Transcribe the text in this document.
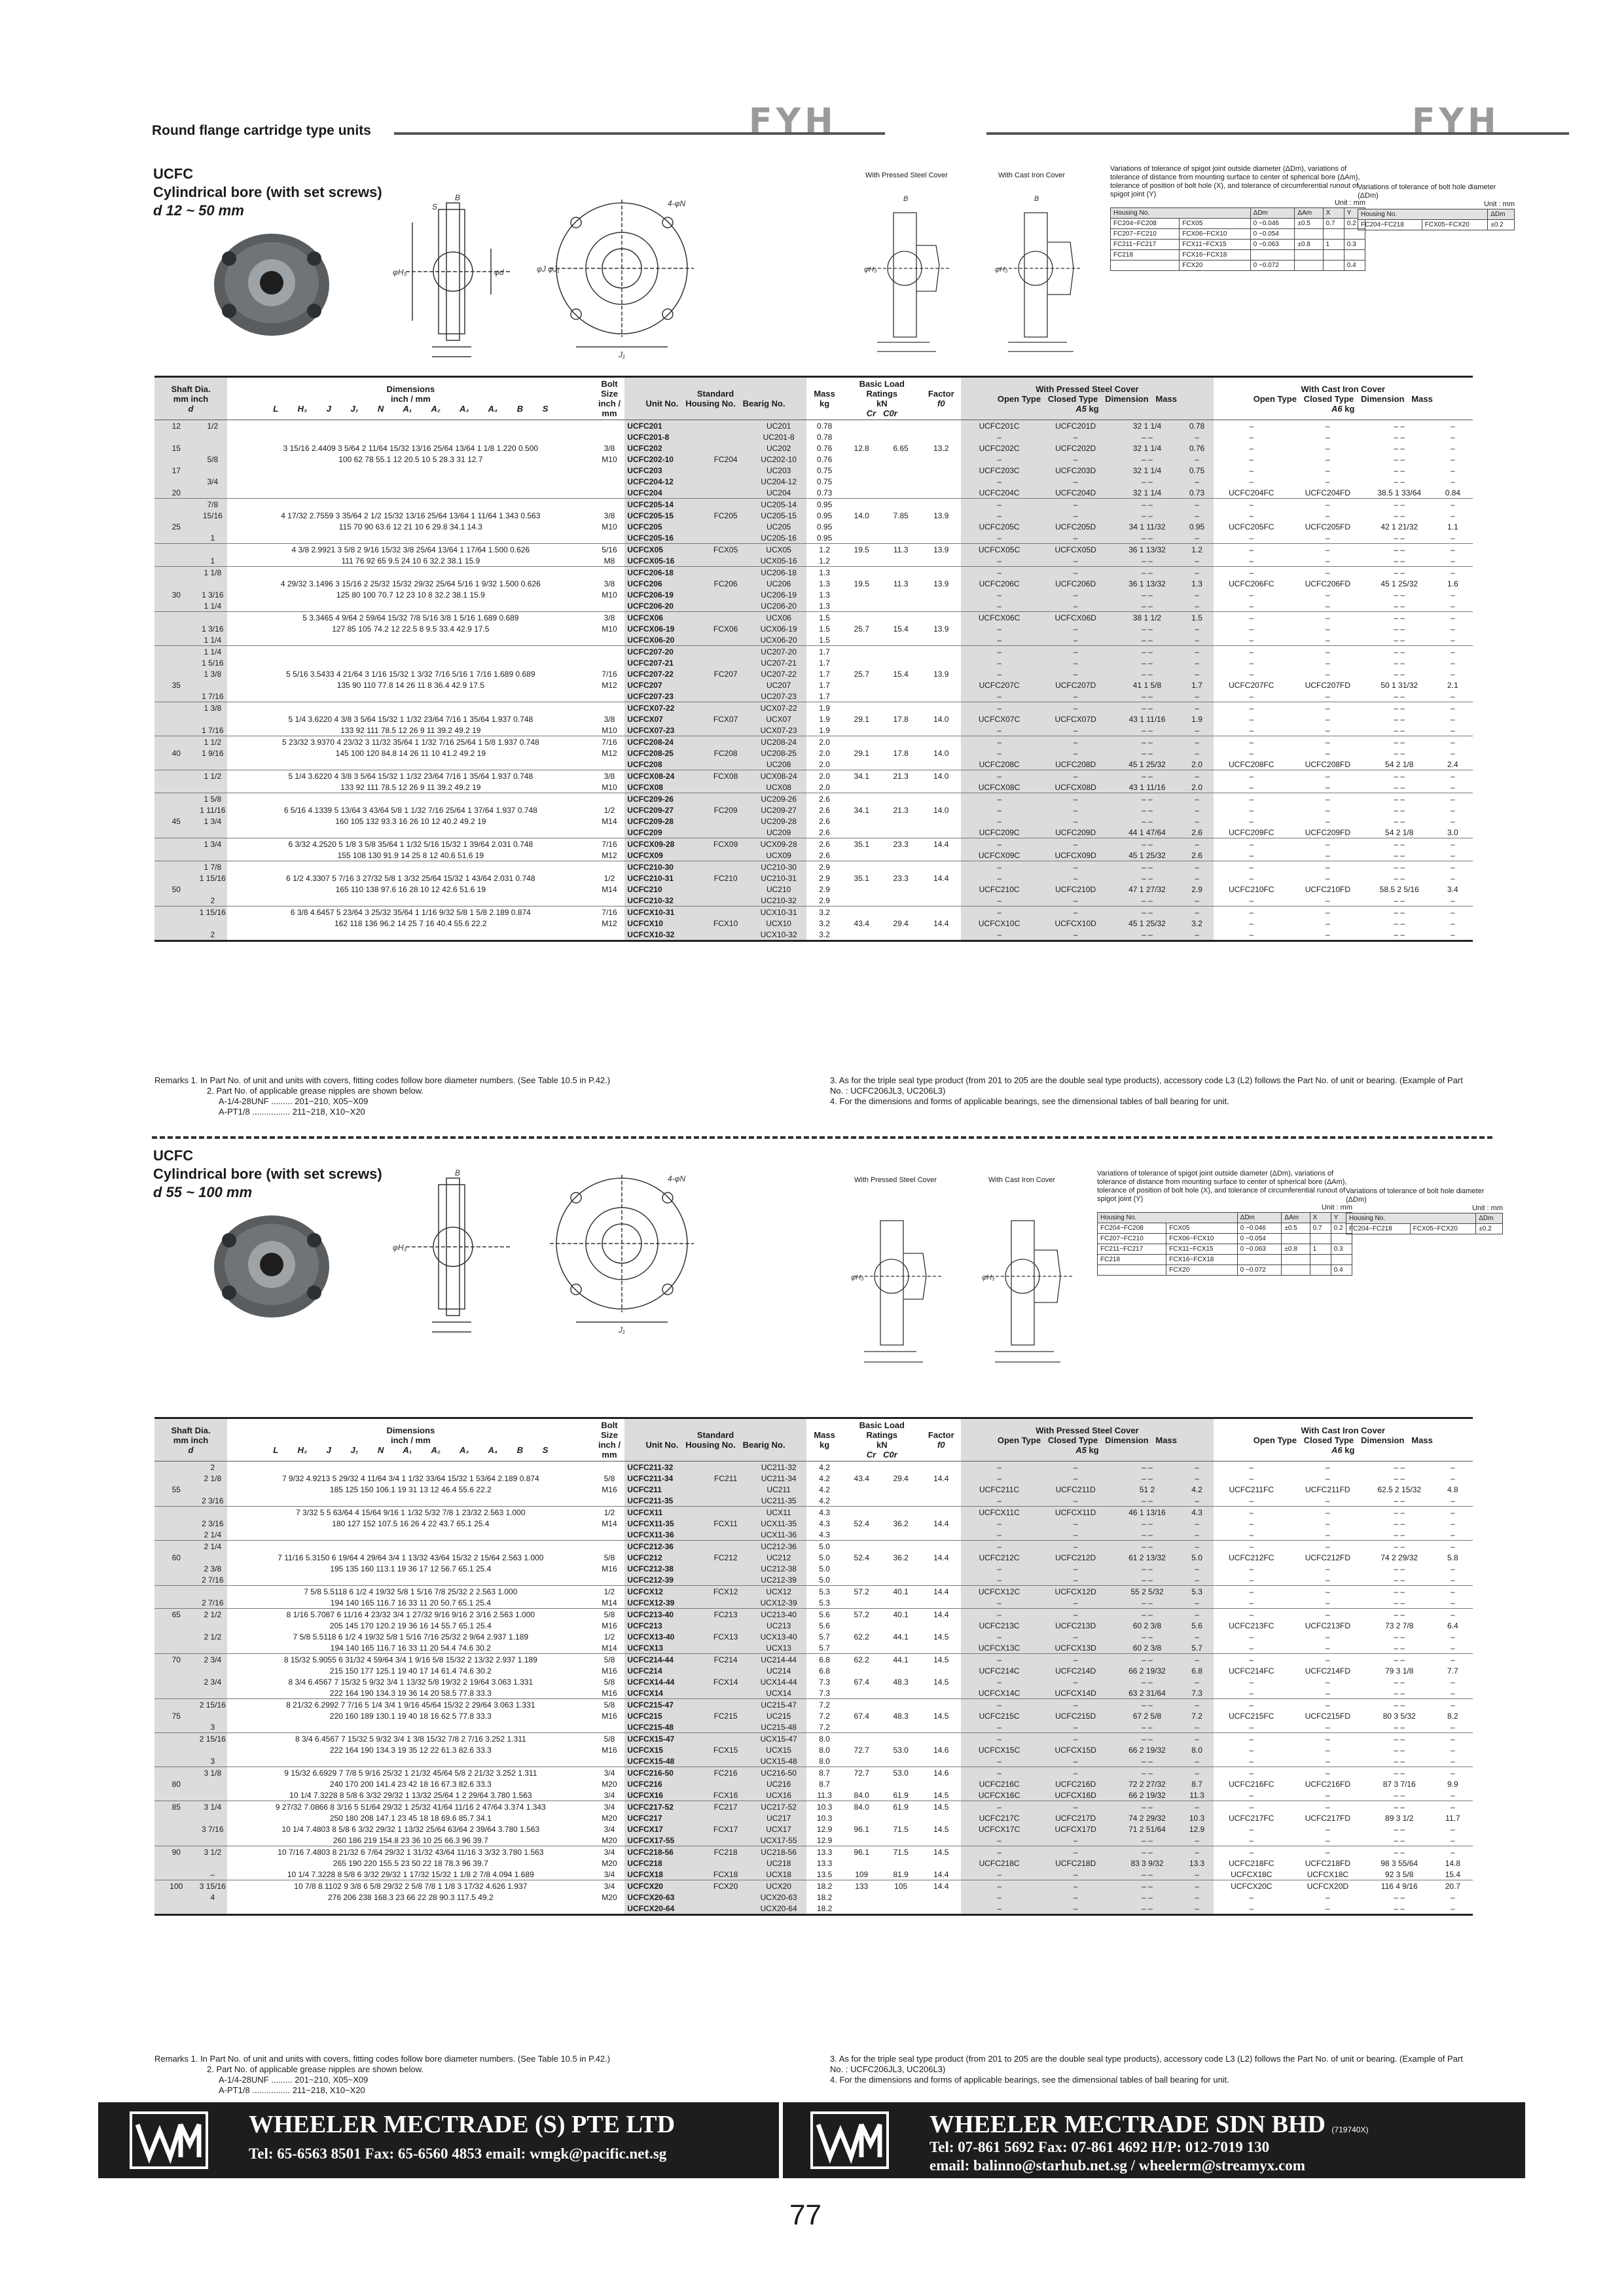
Round flange cartridge type units	FYH	FYH
UCFC
Cylindrical bore (with set screws)
d 12 ~ 50 mm
B
S
φH₃	φd
4-φN
φJ φJ₁
J₁
With Pressed Steel Cover	With Cast Iron Cover
B
φH₃
B
φH₃
Variations of tolerance of spigot joint outside diameter (ΔDm), variations of tolerance of distance from mounting surface to center of spherical bore (ΔAm), tolerance of position of bolt hole (X), and tolerance of circumferential runout of spigot joint (Y)
Unit : mm
Housing No.		ΔDm	ΔAm	X	Y
FC204~FC208	FCX05	0 −0.046	±0.5	0.7	0.2
FC207~FC210	FCX06~FCX10	0 −0.054			
FC211~FC217	FCX11~FCX15	0 −0.063	±0.8	1	0.3
FC218	FCX16~FCX18				
	FCX20	0 −0.072			0.4
Variations of tolerance of bolt hole diameter (ΔDm)
Unit : mm
Housing No.		ΔDm
FC204~FC218	FCX05~FCX20	±0.2
Shaft Dia.
mm inch
d		Dimensions
inch / mm
L H₃ J J₁ N A₁ A₂ A₃ A₄ B S	Bolt Size
inch / mm	Standard
Unit No. Housing No. Bearig No.			Mass
kg	Basic Load Ratings
kN
Cr C0r		Factor
f0	With Pressed Steel Cover
Open Type Closed Type Dimension Mass
A5 kg				With Cast Iron Cover
Open Type Closed Type Dimension Mass
A6 kg			
12	1/2			UCFC201		UC201	0.78				UCFC201C	UCFC201D	32 1 1/4	0.78	–	–	– –	–
				UCFC201-8		UC201-8	0.78				–	–	– –	–	–	–	– –	–
15		3 15/16 2.4409 3 5/64 2 11/64 15/32 13/16 25/64 13/64 1 1/8 1.220 0.500	3/8	UCFC202		UC202	0.76	12.8	6.65	13.2	UCFC202C	UCFC202D	32 1 1/4	0.76	–	–	– –	–
	5/8	100 62 78 55.1 12 20.5 10 5 28.3 31 12.7	M10	UCFC202-10	FC204	UC202-10	0.76				–	–	– –	–	–	–	– –	–
17				UCFC203		UC203	0.75				UCFC203C	UCFC203D	32 1 1/4	0.75	–	–	– –	–
	3/4			UCFC204-12		UC204-12	0.75				–	–	– –	–	–	–	– –	–
20				UCFC204		UC204	0.73				UCFC204C	UCFC204D	32 1 1/4	0.73	UCFC204FC	UCFC204FD	38.5 1 33/64	0.84
	7/8			UCFC205-14		UC205-14	0.95				–	–	– –	–	–	–	– –	–
	15/16	4 17/32 2.7559 3 35/64 2 1/2 15/32 13/16 25/64 13/64 1 11/64 1.343 0.563	3/8	UCFC205-15	FC205	UC205-15	0.95	14.0	7.85	13.9	–	–	– –	–	–	–	– –	–
25		115 70 90 63.6 12 21 10 6 29.8 34.1 14.3	M10	UCFC205		UC205	0.95				UCFC205C	UCFC205D	34 1 11/32	0.95	UCFC205FC	UCFC205FD	42 1 21/32	1.1
	1			UCFC205-16		UC205-16	0.95				–	–	– –	–	–	–	– –	–
		4 3/8 2.9921 3 5/8 2 9/16 15/32 3/8 25/64 13/64 1 17/64 1.500 0.626	5/16	UCFCX05	FCX05	UCX05	1.2	19.5	11.3	13.9	UCFCX05C	UCFCX05D	36 1 13/32	1.2	–	–	– –	–
	1	111 76 92 65 9.5 24 10 6 32.2 38.1 15.9	M8	UCFCX05-16		UCX05-16	1.2				–	–	– –	–	–	–	– –	–
	1 1/8			UCFC206-18		UC206-18	1.3				–	–	– –	–	–	–	– –	–
		4 29/32 3.1496 3 15/16 2 25/32 15/32 29/32 25/64 5/16 1 9/32 1.500 0.626	3/8	UCFC206	FC206	UC206	1.3	19.5	11.3	13.9	UCFC206C	UCFC206D	36 1 13/32	1.3	UCFC206FC	UCFC206FD	45 1 25/32	1.6
30	1 3/16	125 80 100 70.7 12 23 10 8 32.2 38.1 15.9	M10	UCFC206-19		UC206-19	1.3				–	–	– –	–	–	–	– –	–
	1 1/4			UCFC206-20		UC206-20	1.3				–	–	– –	–	–	–	– –	–
		5 3.3465 4 9/64 2 59/64 15/32 7/8 5/16 3/8 1 5/16 1.689 0.689	3/8	UCFCX06		UCX06	1.5				UCFCX06C	UCFCX06D	38 1 1/2	1.5	–	–	– –	–
	1 3/16	127 85 105 74.2 12 22.5 8 9.5 33.4 42.9 17.5	M10	UCFCX06-19	FCX06	UCX06-19	1.5	25.7	15.4	13.9	–	–	– –	–	–	–	– –	–
	1 1/4			UCFCX06-20		UCX06-20	1.5				–	–	– –	–	–	–	– –	–
	1 1/4			UCFC207-20		UC207-20	1.7				–	–	– –	–	–	–	– –	–
	1 5/16			UCFC207-21		UC207-21	1.7				–	–	– –	–	–	–	– –	–
	1 3/8	5 5/16 3.5433 4 21/64 3 1/16 15/32 1 3/32 7/16 5/16 1 7/16 1.689 0.689	7/16	UCFC207-22	FC207	UC207-22	1.7	25.7	15.4	13.9	–	–	– –	–	–	–	– –	–
35		135 90 110 77.8 14 26 11 8 36.4 42.9 17.5	M12	UCFC207		UC207	1.7				UCFC207C	UCFC207D	41 1 5/8	1.7	UCFC207FC	UCFC207FD	50 1 31/32	2.1
	1 7/16			UCFC207-23		UC207-23	1.7				–	–	– –	–	–	–	– –	–
	1 3/8			UCFCX07-22		UCX07-22	1.9				–	–	– –	–	–	–	– –	–
		5 1/4 3.6220 4 3/8 3 5/64 15/32 1 1/32 23/64 7/16 1 35/64 1.937 0.748	3/8	UCFCX07	FCX07	UCX07	1.9	29.1	17.8	14.0	UCFCX07C	UCFCX07D	43 1 11/16	1.9	–	–	– –	–
	1 7/16	133 92 111 78.5 12 26 9 11 39.2 49.2 19	M10	UCFCX07-23		UCX07-23	1.9				–	–	– –	–	–	–	– –	–
	1 1/2	5 23/32 3.9370 4 23/32 3 11/32 35/64 1 1/32 7/16 25/64 1 5/8 1.937 0.748	7/16	UCFC208-24		UC208-24	2.0				–	–	– –	–	–	–	– –	–
40	1 9/16	145 100 120 84.8 14 26 11 10 41.2 49.2 19	M12	UCFC208-25	FC208	UC208-25	2.0	29.1	17.8	14.0	–	–	– –	–	–	–	– –	–
				UCFC208		UC208	2.0				UCFC208C	UCFC208D	45 1 25/32	2.0	UCFC208FC	UCFC208FD	54 2 1/8	2.4
	1 1/2	5 1/4 3.6220 4 3/8 3 5/64 15/32 1 1/32 23/64 7/16 1 35/64 1.937 0.748	3/8	UCFCX08-24	FCX08	UCX08-24	2.0	34.1	21.3	14.0	–	–	– –	–	–	–	– –	–
		133 92 111 78.5 12 26 9 11 39.2 49.2 19	M10	UCFCX08		UCX08	2.0				UCFCX08C	UCFCX08D	43 1 11/16	2.0	–	–	– –	–
	1 5/8			UCFC209-26		UC209-26	2.6				–	–	– –	–	–	–	– –	–
	1 11/16	6 5/16 4.1339 5 13/64 3 43/64 5/8 1 1/32 7/16 25/64 1 37/64 1.937 0.748	1/2	UCFC209-27	FC209	UC209-27	2.6	34.1	21.3	14.0	–	–	– –	–	–	–	– –	–
45	1 3/4	160 105 132 93.3 16 26 10 12 40.2 49.2 19	M14	UCFC209-28		UC209-28	2.6				–	–	– –	–	–	–	– –	–
				UCFC209		UC209	2.6				UCFC209C	UCFC209D	44 1 47/64	2.6	UCFC209FC	UCFC209FD	54 2 1/8	3.0
	1 3/4	6 3/32 4.2520 5 1/8 3 5/8 35/64 1 1/32 5/16 15/32 1 39/64 2.031 0.748	7/16	UCFCX09-28	FCX09	UCX09-28	2.6	35.1	23.3	14.4	–	–	– –	–	–	–	– –	–
		155 108 130 91.9 14 25 8 12 40.6 51.6 19	M12	UCFCX09		UCX09	2.6				UCFCX09C	UCFCX09D	45 1 25/32	2.6	–	–	– –	–
	1 7/8			UCFC210-30		UC210-30	2.9				–	–	– –	–	–	–	– –	–
	1 15/16	6 1/2 4.3307 5 7/16 3 27/32 5/8 1 3/32 25/64 15/32 1 43/64 2.031 0.748	1/2	UCFC210-31	FC210	UC210-31	2.9	35.1	23.3	14.4	–	–	– –	–	–	–	– –	–
50		165 110 138 97.6 16 28 10 12 42.6 51.6 19	M14	UCFC210		UC210	2.9				UCFC210C	UCFC210D	47 1 27/32	2.9	UCFC210FC	UCFC210FD	58.5 2 5/16	3.4
	2			UCFC210-32		UC210-32	2.9				–	–	– –	–	–	–	– –	–
	1 15/16	6 3/8 4.6457 5 23/64 3 25/32 35/64 1 1/16 9/32 5/8 1 5/8 2.189 0.874	7/16	UCFCX10-31		UCX10-31	3.2				–	–	– –	–	–	–	– –	–
		162 118 136 96.2 14 25 7 16 40.4 55.6 22.2	M12	UCFCX10	FCX10	UCX10	3.2	43.4	29.4	14.4	UCFCX10C	UCFCX10D	45 1 25/32	3.2	–	–	– –	–
	2			UCFCX10-32		UCX10-32	3.2				–	–	– –	–	–	–	– –	–
Remarks 1. In Part No. of unit and units with covers, fitting codes follow bore diameter numbers. (See Table 10.5 in P.42.)
2. Part No. of applicable grease nipples are shown below.
A-1/4-28UNF ......... 201~210, X05~X09
A-PT1/8 ................ 211~218, X10~X20
3. As for the triple seal type product (from 201 to 205 are the double seal type products), accessory code L3 (L2) follows the Part No. of unit or bearing. (Example of Part No. : UCFC206JL3, UC206L3)
4. For the dimensions and forms of applicable bearings, see the dimensional tables of ball bearing for unit.
UCFC
Cylindrical bore (with set screws)
d 55 ~ 100 mm
B
φH₃
4-φN
J₁
With Pressed Steel Cover	With Cast Iron Cover
φH₃	φH₃
Variations of tolerance of spigot joint outside diameter (ΔDm), variations of tolerance of distance from mounting surface to center of spherical bore (ΔAm), tolerance of position of bolt hole (X), and tolerance of circumferential runout of spigot joint (Y)
Unit : mm
Housing No.		ΔDm	ΔAm	X	Y
FC204~FC208	FCX05	0 −0.046	±0.5	0.7	0.2
FC207~FC210	FCX06~FCX10	0 −0.054			
FC211~FC217	FCX11~FCX15	0 −0.063	±0.8	1	0.3
FC218	FCX16~FCX18				
	FCX20	0 −0.072			0.4
Variations of tolerance of bolt hole diameter (ΔDm)
Unit : mm
Housing No.		ΔDm
FC204~FC218	FCX05~FCX20	±0.2
Shaft Dia.
mm inch
d		Dimensions
inch / mm
L H₃ J J₁ N A₁ A₂ A₃ A₄ B S	Bolt Size
inch / mm	Standard
Unit No. Housing No. Bearig No.			Mass
kg	Basic Load Ratings
kN
Cr C0r		Factor
f0	With Pressed Steel Cover
Open Type Closed Type Dimension Mass
A5 kg				With Cast Iron Cover
Open Type Closed Type Dimension Mass
A6 kg			
	2			UCFC211-32		UC211-32	4.2				–	–	– –	–	–	–	– –	–
	2 1/8	7 9/32 4.9213 5 29/32 4 11/64 3/4 1 1/32 33/64 15/32 1 53/64 2.189 0.874	5/8	UCFC211-34	FC211	UC211-34	4.2	43.4	29.4	14.4	–	–	– –	–	–	–	– –	–
55		185 125 150 106.1 19 31 13 12 46.4 55.6 22.2	M16	UCFC211		UC211	4.2				UCFC211C	UCFC211D	51 2	4.2	UCFC211FC	UCFC211FD	62.5 2 15/32	4.8
	2 3/16			UCFC211-35		UC211-35	4.2				–	–	– –	–	–	–	– –	–
		7 3/32 5 5 63/64 4 15/64 9/16 1 1/32 5/32 7/8 1 23/32 2.563 1.000	1/2	UCFCX11		UCX11	4.3				UCFCX11C	UCFCX11D	46 1 13/16	4.3	–	–	– –	–
	2 3/16	180 127 152 107.5 16 26 4 22 43.7 65.1 25.4	M14	UCFCX11-35	FCX11	UCX11-35	4.3	52.4	36.2	14.4	–	–	– –	–	–	–	– –	–
	2 1/4			UCFCX11-36		UCX11-36	4.3				–	–	– –	–	–	–	– –	–
	2 1/4			UCFC212-36		UC212-36	5.0				–	–	– –	–	–	–	– –	–
60		7 11/16 5.3150 6 19/64 4 29/64 3/4 1 13/32 43/64 15/32 2 15/64 2.563 1.000	5/8	UCFC212	FC212	UC212	5.0	52.4	36.2	14.4	UCFC212C	UCFC212D	61 2 13/32	5.0	UCFC212FC	UCFC212FD	74 2 29/32	5.8
	2 3/8	195 135 160 113.1 19 36 17 12 56.7 65.1 25.4	M16	UCFC212-38		UC212-38	5.0				–	–	– –	–	–	–	– –	–
	2 7/16			UCFC212-39		UC212-39	5.0				–	–	– –	–	–	–	– –	–
		7 5/8 5.5118 6 1/2 4 19/32 5/8 1 5/16 7/8 25/32 2 2.563 1.000	1/2	UCFCX12	FCX12	UCX12	5.3	57.2	40.1	14.4	UCFCX12C	UCFCX12D	55 2 5/32	5.3	–	–	– –	–
	2 7/16	194 140 165 116.7 16 33 11 20 50.7 65.1 25.4	M14	UCFCX12-39		UCX12-39	5.3				–	–	– –	–	–	–	– –	–
65	2 1/2	8 1/16 5.7087 6 11/16 4 23/32 3/4 1 27/32 9/16 9/16 2 3/16 2.563 1.000	5/8	UCFC213-40	FC213	UC213-40	5.6	57.2	40.1	14.4	–	–	– –	–	–	–	– –	–
		205 145 170 120.2 19 36 16 14 55.7 65.1 25.4	M16	UCFC213		UC213	5.6				UCFC213C	UCFC213D	60 2 3/8	5.6	UCFC213FC	UCFC213FD	73 2 7/8	6.4
	2 1/2	7 5/8 5.5118 6 1/2 4 19/32 5/8 1 5/16 7/16 25/32 2 9/64 2.937 1.189	1/2	UCFCX13-40	FCX13	UCX13-40	5.7	62.2	44.1	14.5	–	–	– –	–	–	–	– –	–
		194 140 165 116.7 16 33 11 20 54.4 74.6 30.2	M14	UCFCX13		UCX13	5.7				UCFCX13C	UCFCX13D	60 2 3/8	5.7	–	–	– –	–
70	2 3/4	8 15/32 5.9055 6 31/32 4 59/64 3/4 1 9/16 5/8 15/32 2 13/32 2.937 1.189	5/8	UCFC214-44	FC214	UC214-44	6.8	62.2	44.1	14.5	–	–	– –	–	–	–	– –	–
		215 150 177 125.1 19 40 17 14 61.4 74.6 30.2	M16	UCFC214		UC214	6.8				UCFC214C	UCFC214D	66 2 19/32	6.8	UCFC214FC	UCFC214FD	79 3 1/8	7.7
	2 3/4	8 3/4 6.4567 7 15/32 5 9/32 3/4 1 13/32 5/8 19/32 2 19/64 3.063 1.331	5/8	UCFCX14-44	FCX14	UCX14-44	7.3	67.4	48.3	14.5	–	–	– –	–	–	–	– –	–
		222 164 190 134.3 19 36 14 20 58.5 77.8 33.3	M16	UCFCX14		UCX14	7.3				UCFCX14C	UCFCX14D	63 2 31/64	7.3	–	–	– –	–
	2 15/16	8 21/32 6.2992 7 7/16 5 1/4 3/4 1 9/16 45/64 15/32 2 29/64 3.063 1.331	5/8	UCFC215-47		UC215-47	7.2				–	–	– –	–	–	–	– –	–
75		220 160 189 130.1 19 40 18 16 62.5 77.8 33.3	M16	UCFC215	FC215	UC215	7.2	67.4	48.3	14.5	UCFC215C	UCFC215D	67 2 5/8	7.2	UCFC215FC	UCFC215FD	80 3 5/32	8.2
	3			UCFC215-48		UC215-48	7.2				–	–	– –	–	–	–	– –	–
	2 15/16	8 3/4 6.4567 7 15/32 5 9/32 3/4 1 3/8 15/32 7/8 2 7/16 3.252 1.311	5/8	UCFCX15-47		UCX15-47	8.0				–	–	– –	–	–	–	– –	–
		222 164 190 134.3 19 35 12 22 61.3 82.6 33.3	M16	UCFCX15	FCX15	UCX15	8.0	72.7	53.0	14.6	UCFCX15C	UCFCX15D	66 2 19/32	8.0	–	–	– –	–
	3			UCFCX15-48		UCX15-48	8.0				–	–	– –	–	–	–	– –	–
	3 1/8	9 15/32 6.6929 7 7/8 5 9/16 25/32 1 21/32 45/64 5/8 2 21/32 3.252 1.311	3/4	UCFC216-50	FC216	UC216-50	8.7	72.7	53.0	14.6	–	–	– –	–	–	–	– –	–
80		240 170 200 141.4 23 42 18 16 67.3 82.6 33.3	M20	UCFC216		UC216	8.7				UCFC216C	UCFC216D	72 2 27/32	8.7	UCFC216FC	UCFC216FD	87 3 7/16	9.9
		10 1/4 7.3228 8 5/8 6 3/32 29/32 1 13/32 25/64 1 2 29/64 3.780 1.563	3/4	UCFCX16	FCX16	UCX16	11.3	84.0	61.9	14.5	UCFCX16C	UCFCX16D	66 2 19/32	11.3	–	–	– –	–
85	3 1/4	9 27/32 7.0866 8 3/16 5 51/64 29/32 1 25/32 41/64 11/16 2 47/64 3.374 1.343	3/4	UCFC217-52	FC217	UC217-52	10.3	84.0	61.9	14.5	–	–	– –	–	–	–	– –	–
		250 180 208 147.1 23 45 18 18 69.6 85.7 34.1	M20	UCFC217		UC217	10.3				UCFC217C	UCFC217D	74 2 29/32	10.3	UCFC217FC	UCFC217FD	89 3 1/2	11.7
	3 7/16	10 1/4 7.4803 8 5/8 6 3/32 29/32 1 13/32 25/64 63/64 2 39/64 3.780 1.563	3/4	UCFCX17	FCX17	UCX17	12.9	96.1	71.5	14.5	UCFCX17C	UCFCX17D	71 2 51/64	12.9	–	–	– –	–
		260 186 219 154.8 23 36 10 25 66.3 96 39.7	M20	UCFCX17-55		UCX17-55	12.9				–	–	– –	–	–	–	– –	–
90	3 1/2	10 7/16 7.4803 8 21/32 6 7/64 29/32 1 31/32 43/64 11/16 3 3/32 3.780 1.563	3/4	UCFC218-56	FC218	UC218-56	13.3	96.1	71.5	14.5	–	–	– –	–	–	–	– –	–
		265 190 220 155.5 23 50 22 18 78.3 96 39.7	M20	UCFC218		UC218	13.3				UCFC218C	UCFC218D	83 3 9/32	13.3	UCFC218FC	UCFC218FD	98 3 55/64	14.8
	–	10 1/4 7.3228 8 5/8 6 3/32 29/32 1 17/32 15/32 1 1/8 2 7/8 4.094 1.689	3/4	UCFCX18	FCX18	UCX18	13.5	109	81.9	14.4	–	–	– –	–	UCFCX18C	UCFCX18C	92 3 5/8	15.4
100	3 15/16	10 7/8 8.1102 9 3/8 6 5/8 29/32 2 5/8 7/8 1 1/8 3 17/32 4.626 1.937	3/4	UCFCX20	FCX20	UCX20	18.2	133	105	14.4	–	–	– –	–	UCFCX20C	UCFCX20D	116 4 9/16	20.7
	4	276 206 238 168.3 23 66 22 28 90.3 117.5 49.2	M20	UCFCX20-63		UCX20-63	18.2				–	–	– –	–	–	–	– –	–
				UCFCX20-64		UCX20-64	18.2				–	–	– –	–	–	–	– –	–
Remarks 1. In Part No. of unit and units with covers, fitting codes follow bore diameter numbers. (See Table 10.5 in P.42.)
2. Part No. of applicable grease nipples are shown below.
A-1/4-28UNF ......... 201~210, X05~X09
A-PT1/8 ................ 211~218, X10~X20
3. As for the triple seal type product (from 201 to 205 are the double seal type products), accessory code L3 (L2) follows the Part No. of unit or bearing. (Example of Part No. : UCFC206JL3, UC206L3)
4. For the dimensions and forms of applicable bearings, see the dimensional tables of ball bearing for unit.
WHEELER MECTRADE (S) PTE LTD
Tel: 65-6563 8501 Fax: 65-6560 4853 email: wmgk@pacific.net.sg
WHEELER MECTRADE SDN BHD (719740X)
Tel: 07-861 5692 Fax: 07-861 4692 H/P: 012-7019 130
email: balinno@starhub.net.sg / wheelerm@streamyx.com
77
